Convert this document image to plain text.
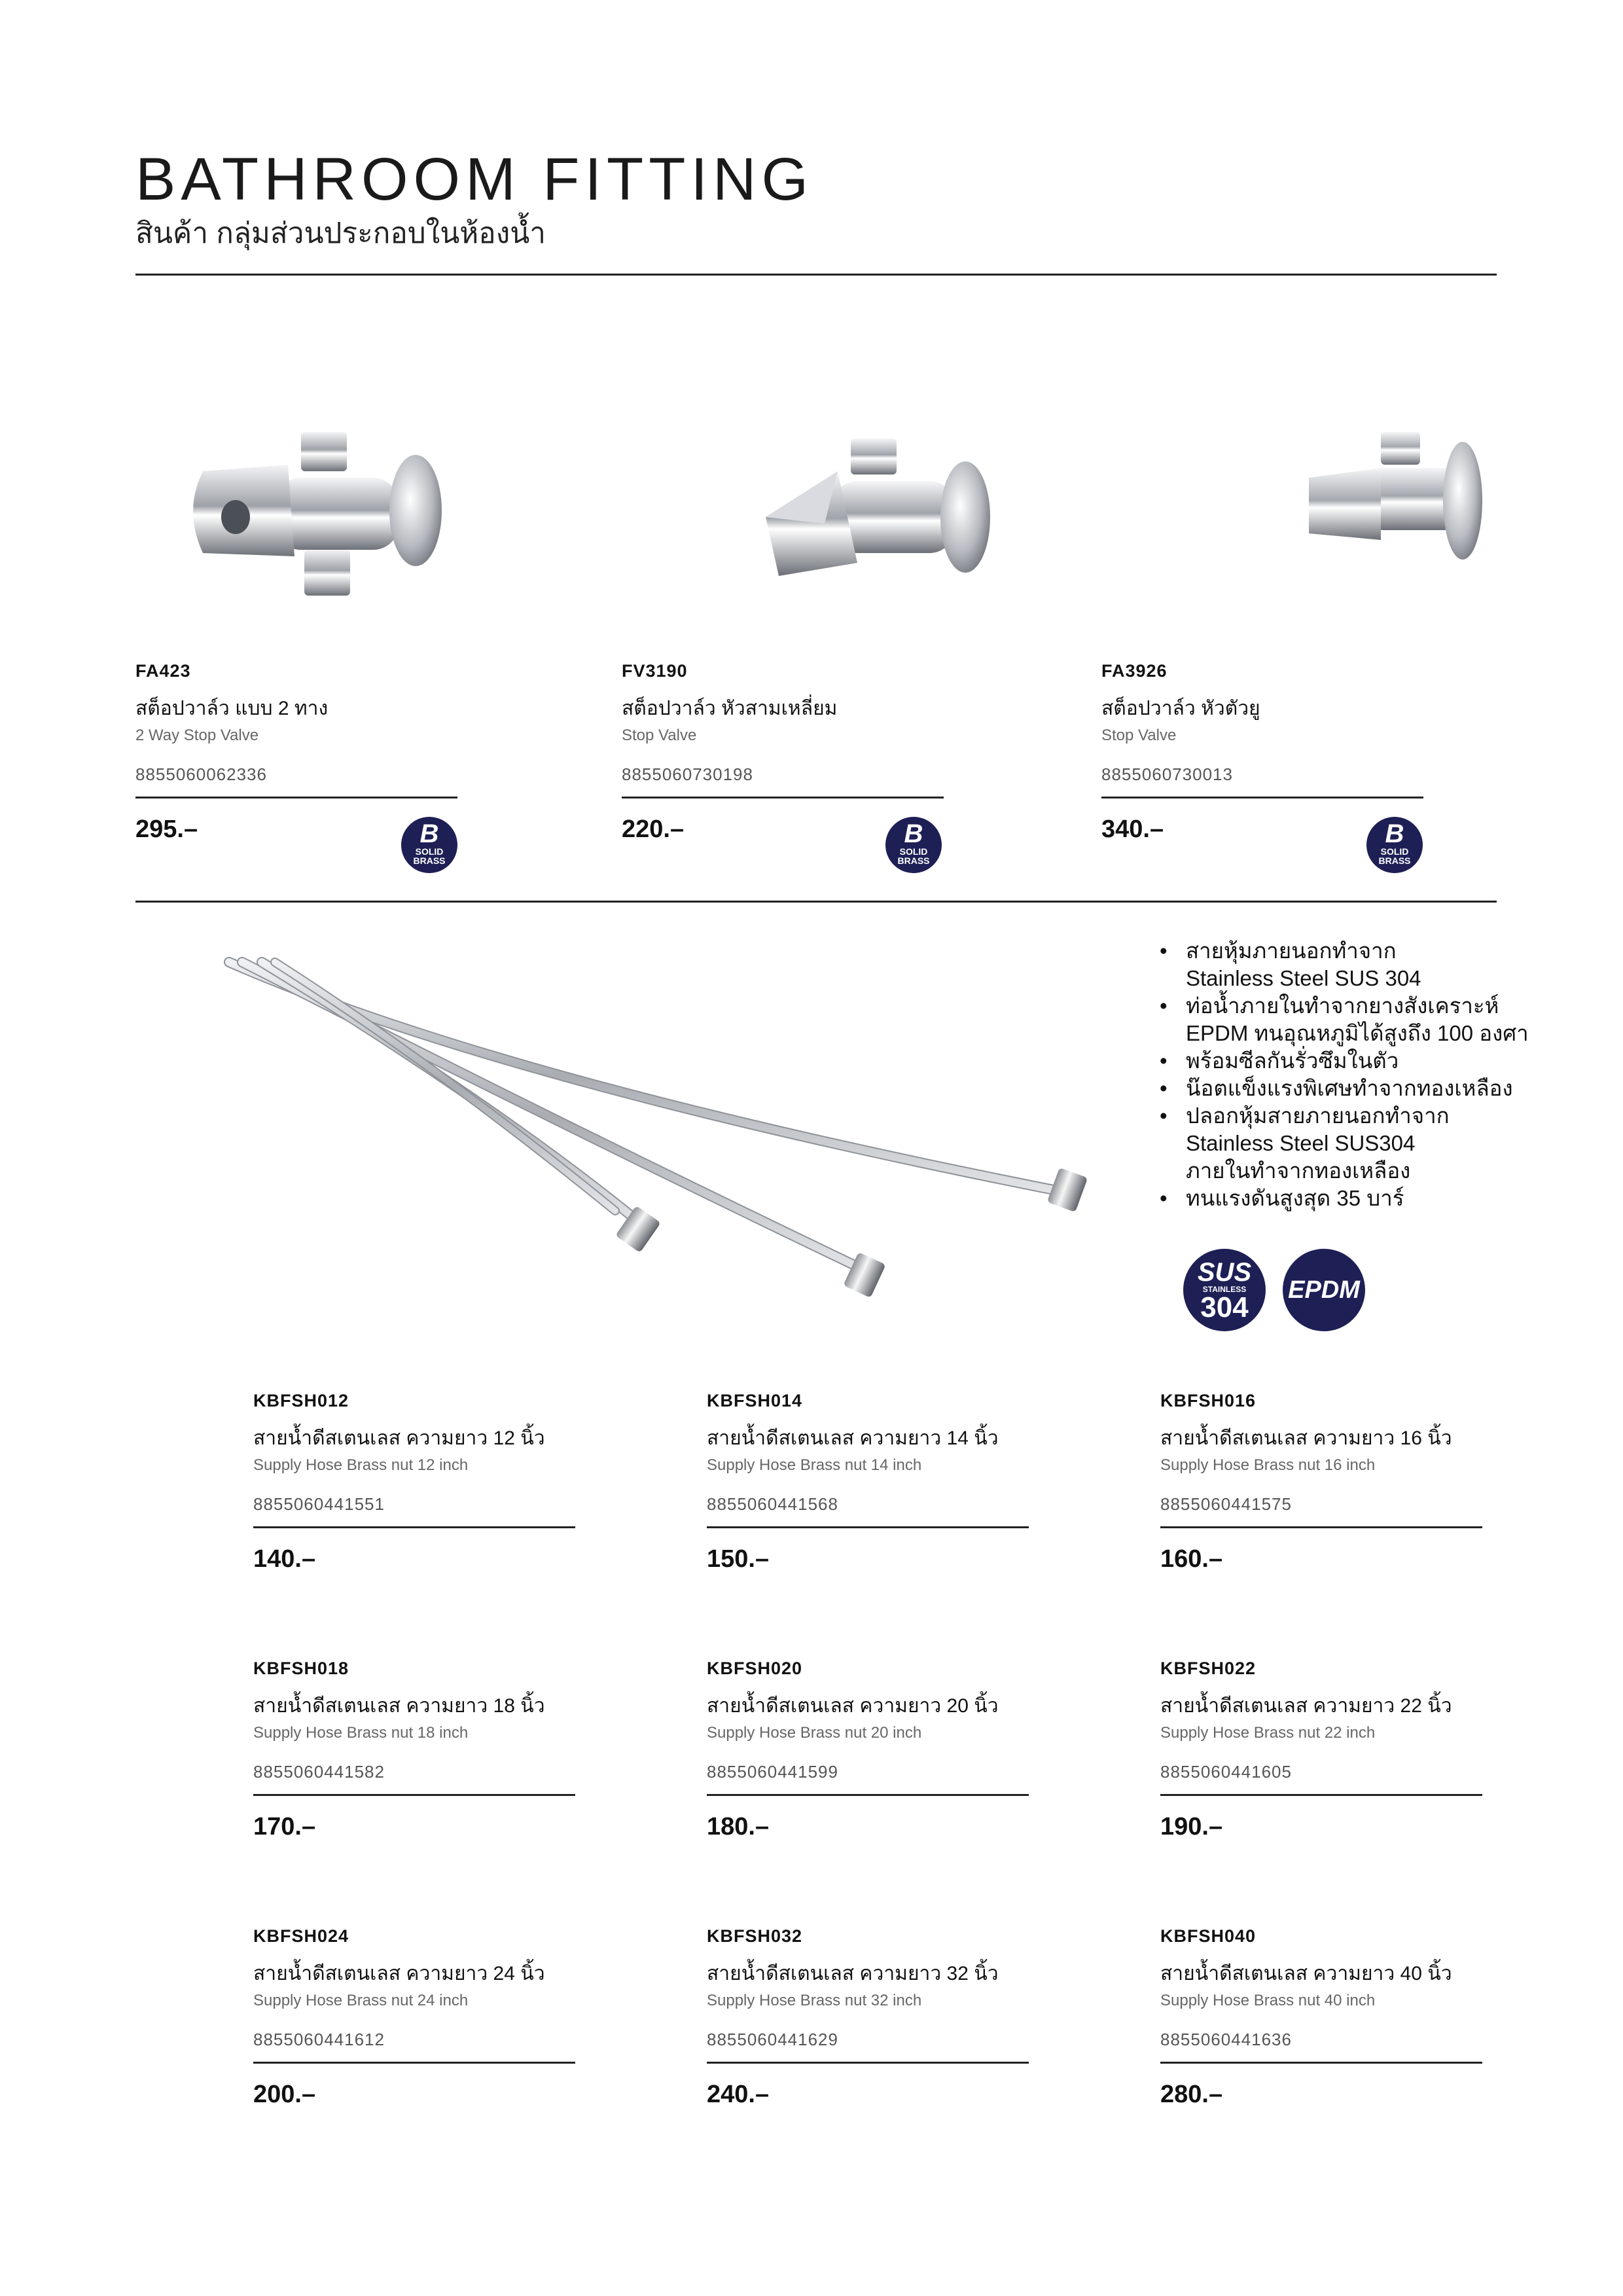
BATHROOM FITTING
สินค้า กลุ่มส่วนประกอบในห้องน้ำ
FA423
สต็อปวาล์ว แบบ 2 ทาง
2 Way Stop Valve
8855060062336
295.–
FV3190
สต็อปวาล์ว หัวสามเหลี่ยม
Stop Valve
8855060730198
220.–
FA3926
สต็อปวาล์ว หัวตัวยู
Stop Valve
8855060730013
340.–
B
SOLID
BRASS
B
SOLID
BRASS
B
SOLID
BRASS
• สายหุ้มภายนอกทำจาก
Stainless Steel SUS 304
• ท่อน้ำภายในทำจากยางสังเคราะห์
EPDM ทนอุณหภูมิได้สูงถึง 100 องศา
• พร้อมซีลกันรั่วซึมในตัว
• น๊อตแข็งแรงพิเศษทำจากทองเหลือง
• ปลอกหุ้มสายภายนอกทำจาก
Stainless Steel SUS304
ภายในทำจากทองเหลือง
• ทนแรงดันสูงสุด 35 บาร์
SUS
STAINLESS
304
EPDM
KBFSH012
สายน้ำดีสเตนเลส ความยาว 12 นิ้ว
Supply Hose Brass nut 12 inch
8855060441551
140.–
KBFSH014
สายน้ำดีสเตนเลส ความยาว 14 นิ้ว
Supply Hose Brass nut 14 inch
8855060441568
150.–
KBFSH016
สายน้ำดีสเตนเลส ความยาว 16 นิ้ว
Supply Hose Brass nut 16 inch
8855060441575
160.–
KBFSH018
สายน้ำดีสเตนเลส ความยาว 18 นิ้ว
Supply Hose Brass nut 18 inch
8855060441582
170.–
KBFSH020
สายน้ำดีสเตนเลส ความยาว 20 นิ้ว
Supply Hose Brass nut 20 inch
8855060441599
180.–
KBFSH022
สายน้ำดีสเตนเลส ความยาว 22 นิ้ว
Supply Hose Brass nut 22 inch
8855060441605
190.–
KBFSH024
สายน้ำดีสเตนเลส ความยาว 24 นิ้ว
Supply Hose Brass nut 24 inch
8855060441612
200.–
KBFSH032
สายน้ำดีสเตนเลส ความยาว 32 นิ้ว
Supply Hose Brass nut 32 inch
8855060441629
240.–
KBFSH040
สายน้ำดีสเตนเลส ความยาว 40 นิ้ว
Supply Hose Brass nut 40 inch
8855060441636
280.–
